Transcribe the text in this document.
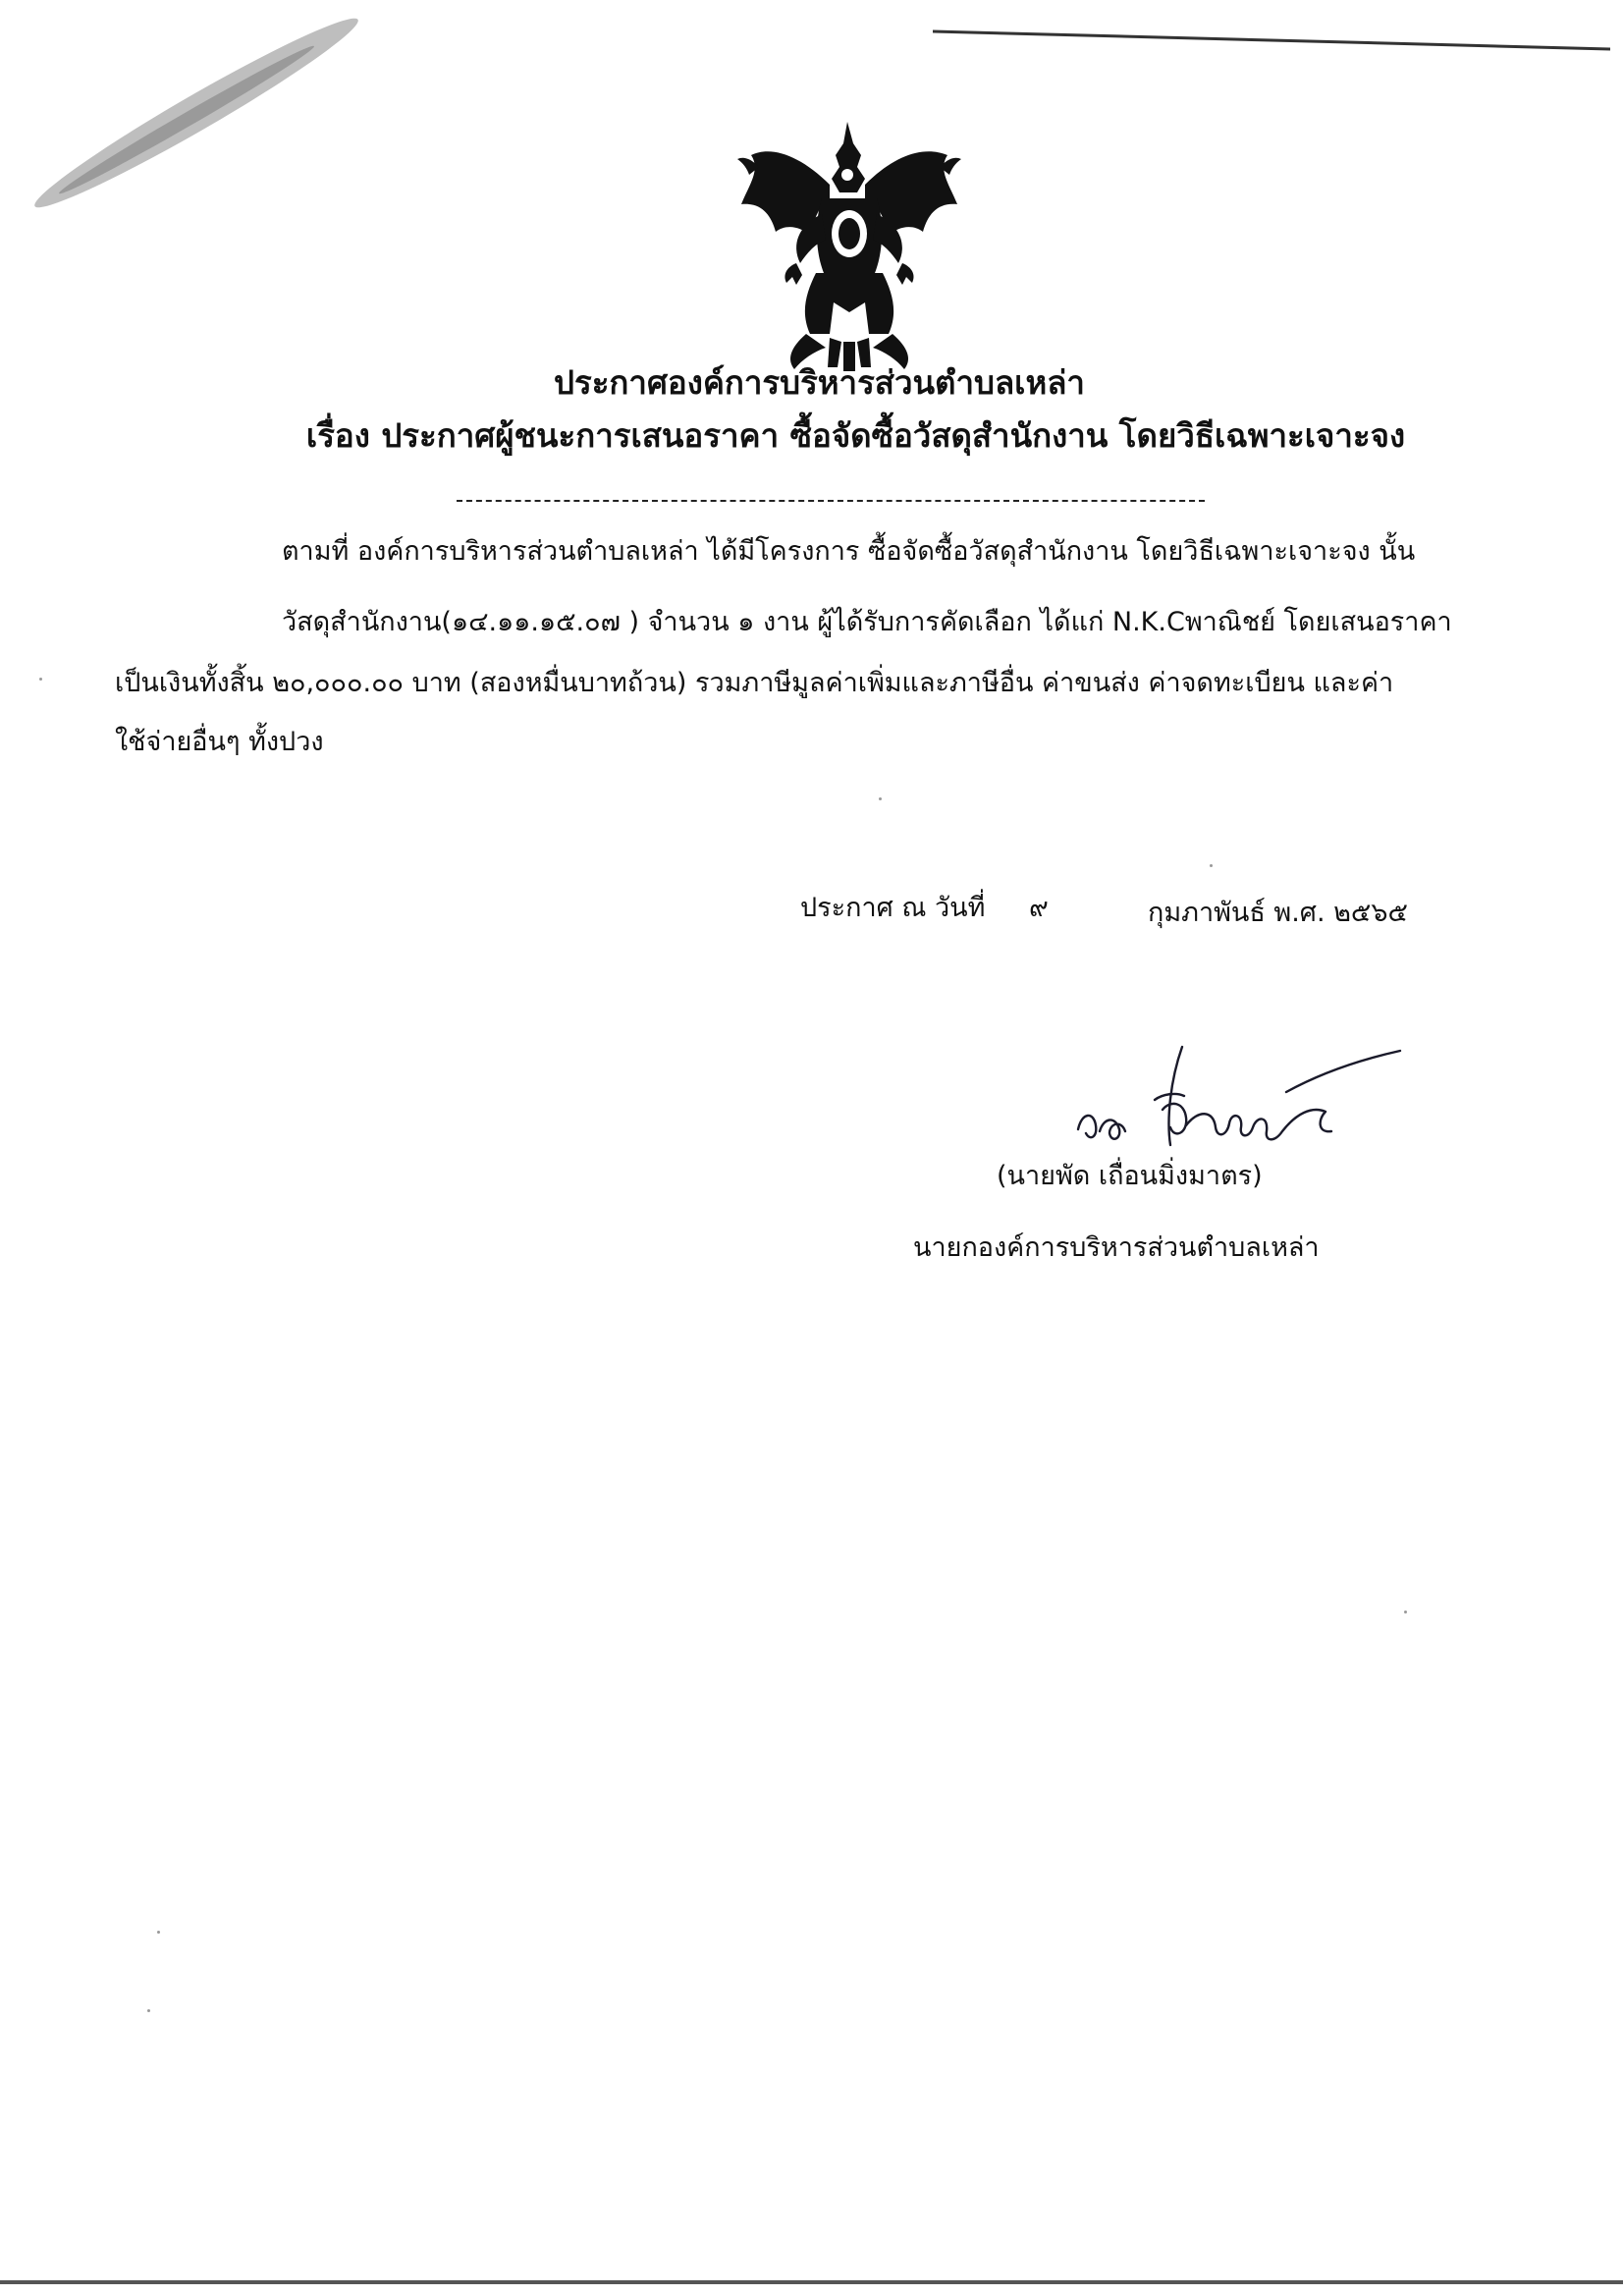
ประกาศองค์การบริหารส่วนตำบลเหล่า
เรื่อง ประกาศผู้ชนะการเสนอราคา ซื้อจัดซื้อวัสดุสำนักงาน โดยวิธีเฉพาะเจาะจง
ตามที่ องค์การบริหารส่วนตำบลเหล่า ได้มีโครงการ ซื้อจัดซื้อวัสดุสำนักงาน โดยวิธีเฉพาะเจาะจง นั้น
วัสดุสำนักงาน(๑๔.๑๑.๑๕.๐๗ ) จำนวน ๑ งาน ผู้ได้รับการคัดเลือก ได้แก่ N.K.Cพาณิชย์ โดยเสนอราคา
เป็นเงินทั้งสิ้น ๒๐,๐๐๐.๐๐ บาท (สองหมื่นบาทถ้วน) รวมภาษีมูลค่าเพิ่มและภาษีอื่น ค่าขนส่ง ค่าจดทะเบียน และค่า
ใช้จ่ายอื่นๆ ทั้งปวง
ประกาศ ณ วันที่ ๙	กุมภาพันธ์ พ.ศ. ๒๕๖๕
(นายพัด เถื่อนมิ่งมาตร)
นายกองค์การบริหารส่วนตำบลเหล่า
